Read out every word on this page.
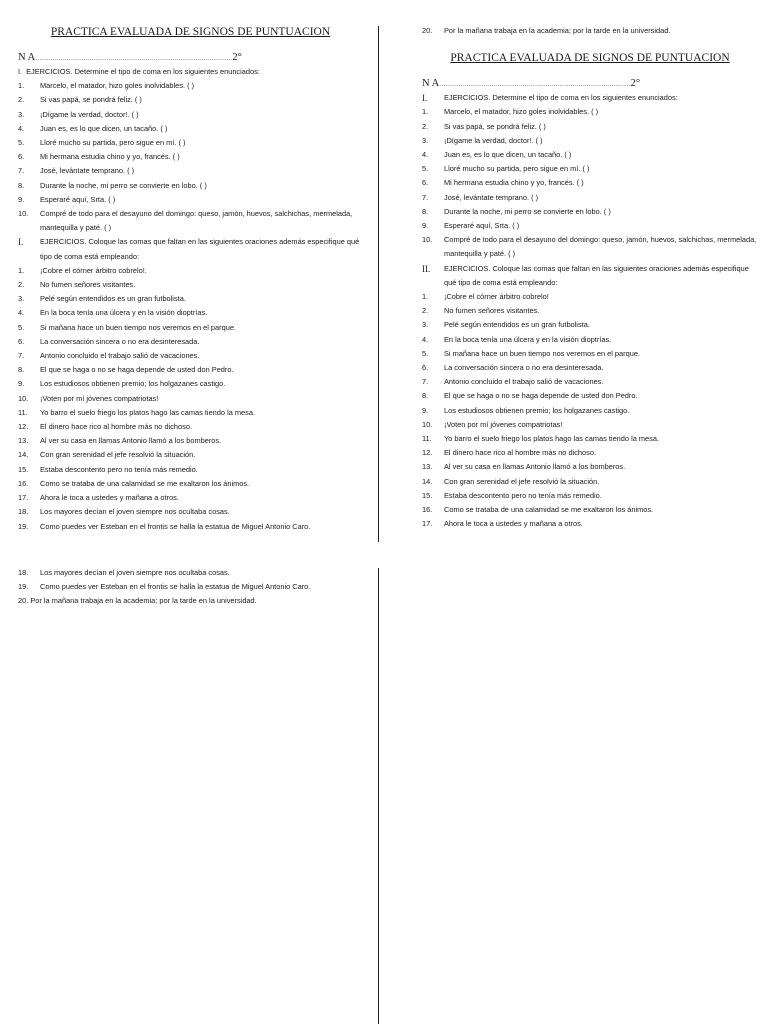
PRACTICA EVALUADA DE SIGNOS DE PUNTUACION
N A…………………………………………………………………………………………2°
I. EJERCICIOS. Determine el tipo de coma en los siguientes enunciados:
1.	Marcelo, el matador, hizo goles inolvidables. ( )
2.	Si vas papá, se pondrá feliz. ( )
3.	¡Dígame la verdad, doctor!. ( )
4.	Juan es, es lo que dicen, un tacaño. ( )
5.	Lloré mucho su partida, pero sigue en mí. ( )
6.	Mi hermana estudia chino y yo, francés. ( )
7.	José, levántate temprano. ( )
8.	Durante la noche, mi perro se convierte en lobo. ( )
9.	Esperaré aquí, Srta. ( )
10.	Compré de todo para el desayuno del domingo: queso, jamón, huevos, salchichas, mermelada, mantequilla y paté. ( )
I.	EJERCICIOS. Coloque las comas que faltan en las siguientes oraciones además especifique qué tipo de coma está empleando:
1.	¡Cobre el córner árbitro cobrelo!.
2.	No fumen señores visitantes.
3.	Pelé según entendidos es un gran futbolista.
4.	En la boca tenía una úlcera y en la visión dioptrías.
5.	Si mañana hace un buen tiempo nos veremos en el parque.
6.	La conversación sincera o no era desinteresada.
7.	Antonio concluido el trabajo salió de vacaciones.
8.	El que se haga o no se haga depende de usted don Pedro.
9.	Los estudiosos obtienen premio; los holgazanes castigo.
10.	¡Voten por mí jóvenes compatriotas!
11.	Yo barro el suelo friego los platos hago las camas tiendo la mesa.
12.	El dinero hace rico al hombre más no dichoso.
13.	Al ver su casa en llamas Antonio llamó a los bomberos.
14.	Con gran serenidad el jefe resolvió la situación.
15.	Estaba descontento pero no tenía más remedio.
16.	Como se trataba de una calamidad se me exaltaron los ánimos.
17.	Ahora le toca a ustedes y mañana a otros.
18.	Los mayores decían el joven siempre nos ocultaba cosas.
19.	Como puedes ver Esteban en el frontis se halla la estatua de Miguel Antonio Caro.
20.	Por la mañana trabaja en la academia; por la tarde en la universidad.
PRACTICA EVALUADA DE SIGNOS DE PUNTUACION
N A………………………………………………………………………………………2°
I.	EJERCICIOS. Determine el tipo de coma en los siguientes enunciados:
1.	Marcelo, el matador, hizo goles inolvidables. ( )
2.	Si vas papá, se pondrá feliz. ( )
3.	¡Dígame la verdad, doctor!. ( )
4.	Juan es, es lo que dicen, un tacaño. ( )
5.	Lloré mucho su partida, pero sigue en mí. ( )
6.	Mi hermana estudia chino y yo, francés. ( )
7.	José, levántate temprano. ( )
8.	Durante la noche, mi perro se convierte en lobo. ( )
9.	Esperaré aquí, Srta. ( )
10.	Compré de todo para el desayuno del domingo: queso, jamón, huevos, salchichas, mermelada, mantequilla y paté. ( )
II.	EJERCICIOS. Coloque las comas que faltan en las siguientes oraciones además especifique qué tipo de coma está empleando:
1.	¡Cobre el córner árbitro cobrelo!
2.	No fumen señores visitantes.
3.	Pelé según entendidos es un gran futbolista.
4.	En la boca tenía una úlcera y en la visión dioptrías.
5.	Si mañana hace un buen tiempo nos veremos en el parque.
6.	La conversación sincera o no era desinteresada.
7.	Antonio concluido el trabajo salió de vacaciones.
8.	El que se haga o no se haga depende de usted don Pedro.
9.	Los estudiosos obtienen premio; los holgazanes castigo.
10.	¡Voten por mí jóvenes compatriotas!
11.	Yo barro el suelo friego los platos hago las camas tiendo la mesa.
12.	El dinero hace rico al hombre más no dichoso.
13.	Al ver su casa en llamas Antonio llamó a los bomberos.
14.	Con gran serenidad el jefe resolvió la situación.
15.	Estaba descontento pero no tenía más remedio.
16.	Como se trataba de una calamidad se me exaltaron los ánimos.
17.	Ahora le toca a ustedes y mañana a otros.
18.	Los mayores decían el joven siempre nos ocultaba cosas.
19.	Como puedes ver Esteban en el frontis se halla la estatua de Miguel Antonio Caro.
20. Por la mañana trabaja en la academia; por la tarde en la universidad.
